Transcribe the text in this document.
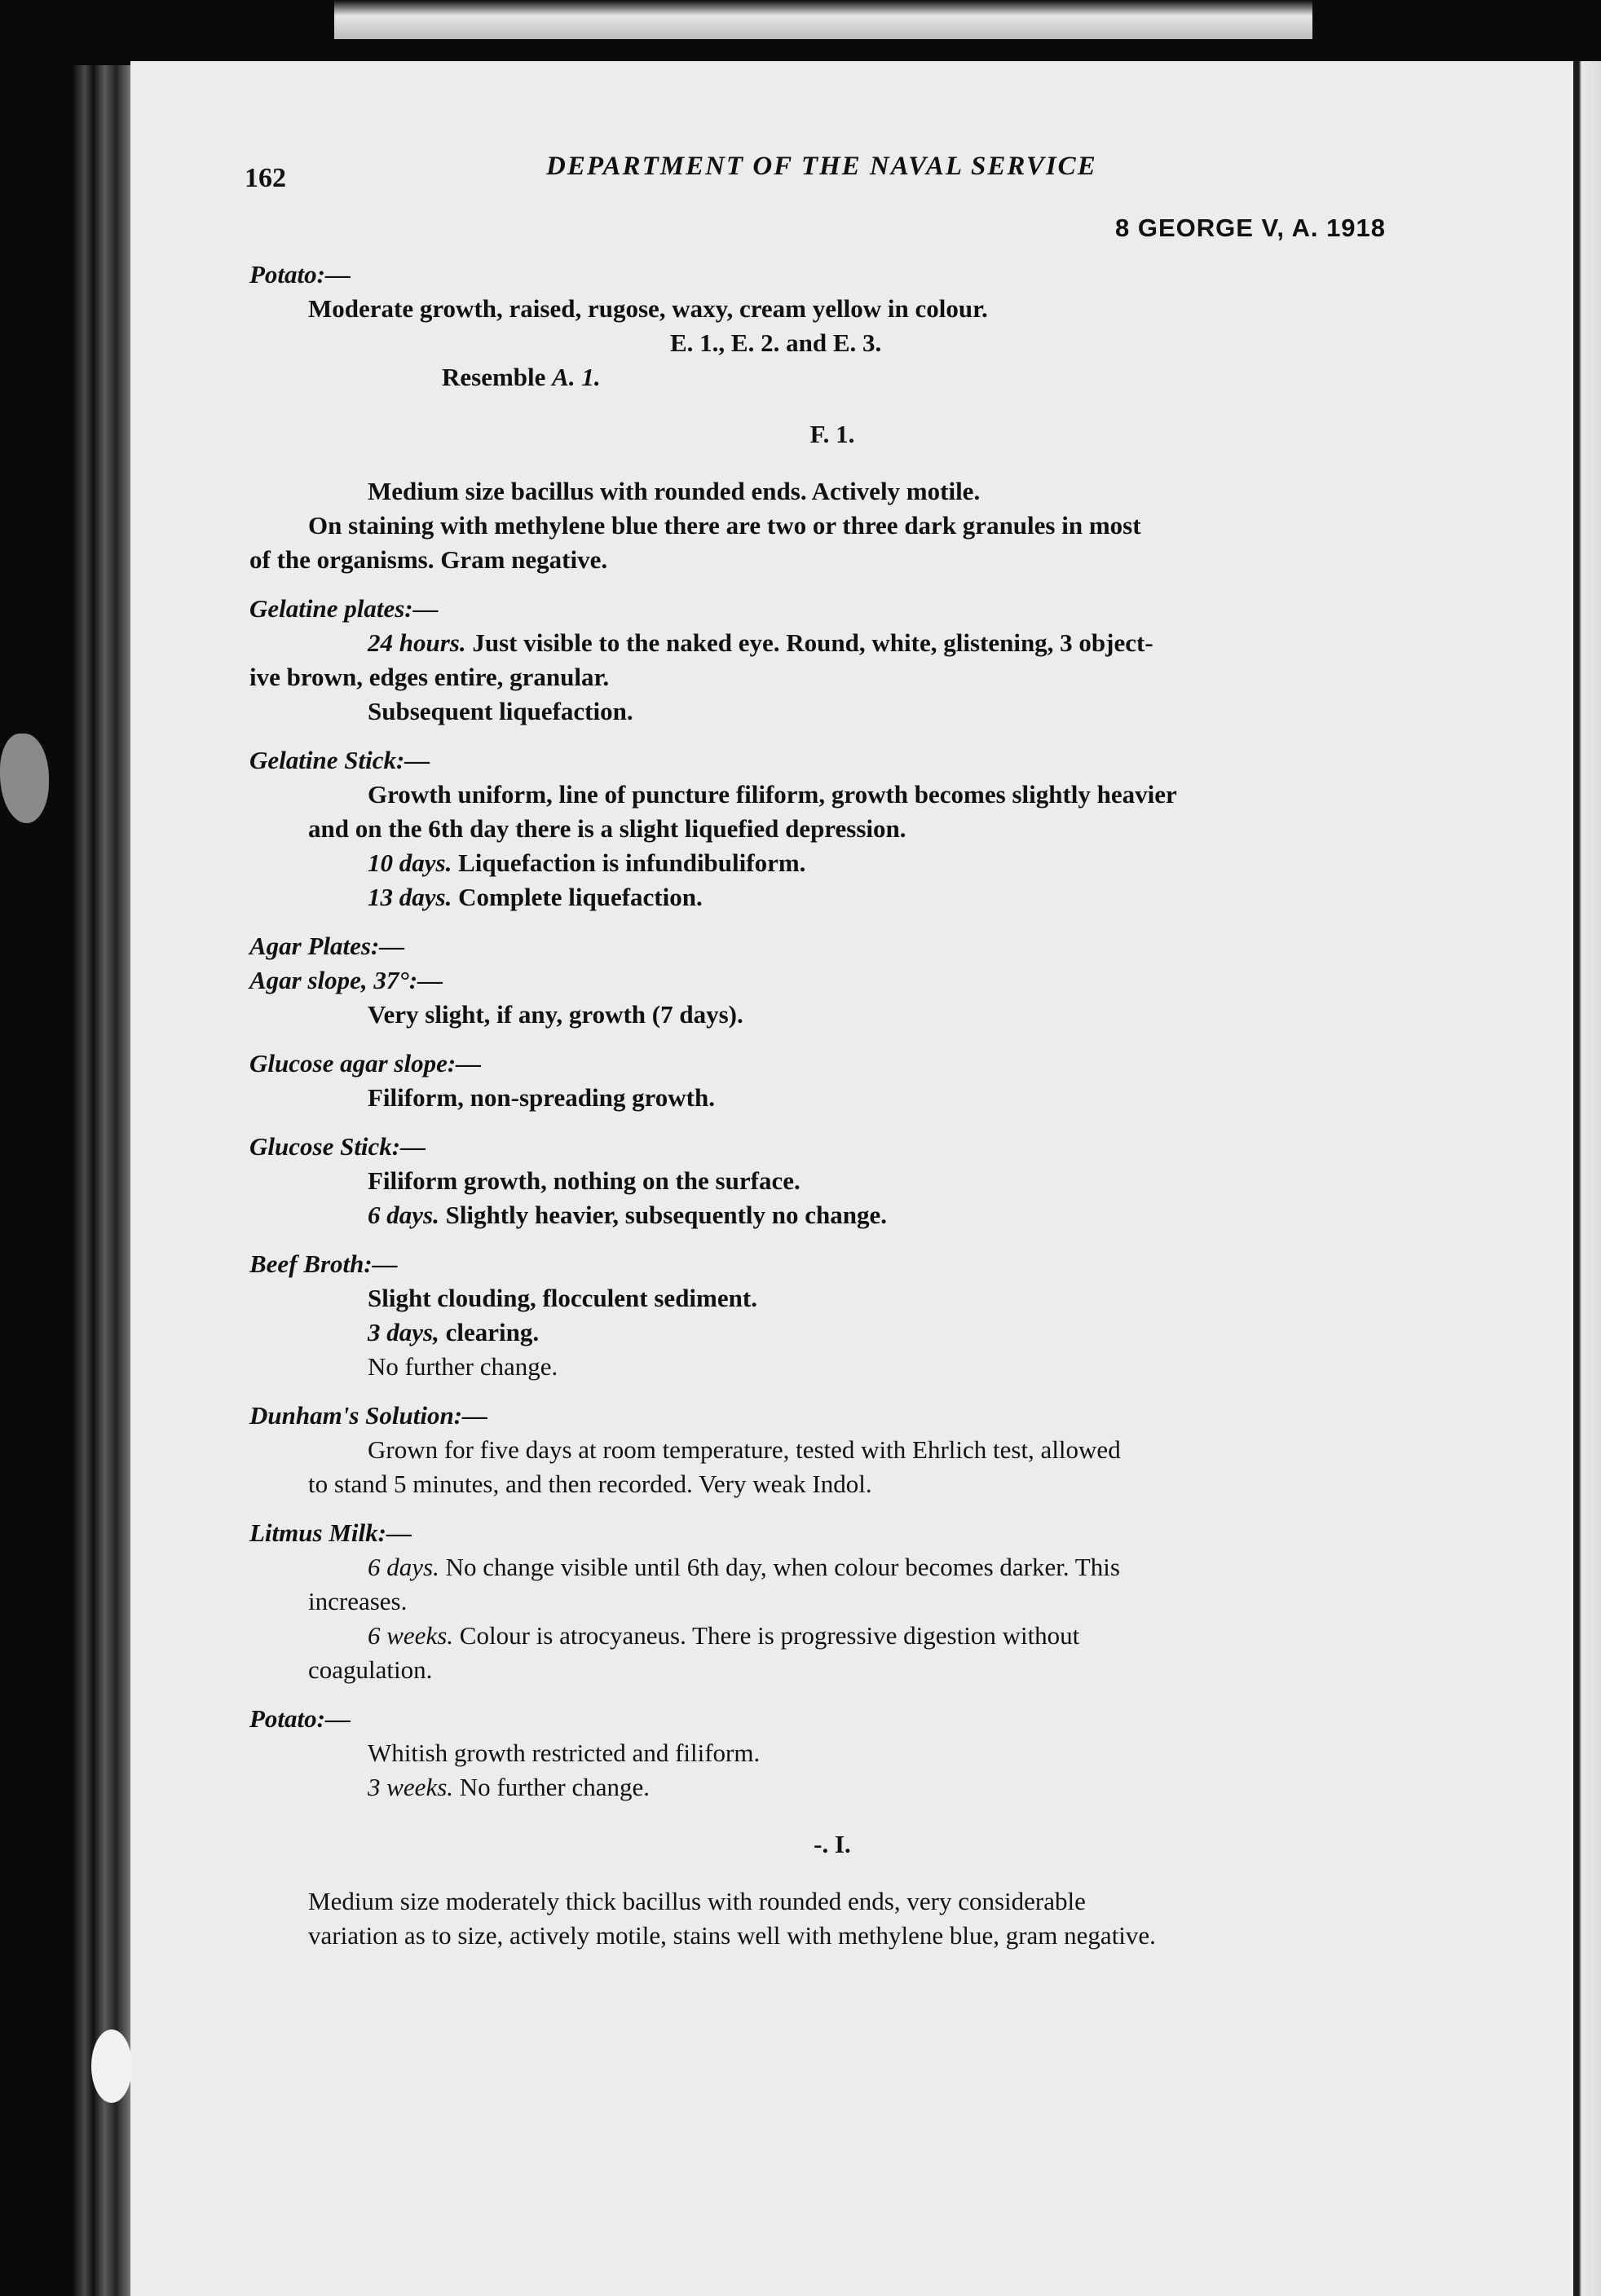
162	DEPARTMENT OF THE NAVAL SERVICE
8 GEORGE V, A. 1918

Potato:—

Moderate growth, raised, rugose, waxy, cream yellow in colour.

E. 1., E. 2. and E. 3.

Resemble A. 1.

F. 1.

Medium size bacillus with rounded ends. Actively motile.

On staining with methylene blue there are two or three dark granules in most

of the organisms. Gram negative.

Gelatine plates:—

24 hours. Just visible to the naked eye. Round, white, glistening, 3 object-

ive brown, edges entire, granular.

Subsequent liquefaction.

Gelatine Stick:—

Growth uniform, line of puncture filiform, growth becomes slightly heavier

and on the 6th day there is a slight liquefied depression.

10 days. Liquefaction is infundibuliform.

13 days. Complete liquefaction.

Agar Plates:—

Agar slope, 37°:—

Very slight, if any, growth (7 days).

Glucose agar slope:—

Filiform, non-spreading growth.

Glucose Stick:—

Filiform growth, nothing on the surface.

6 days. Slightly heavier, subsequently no change.

Beef Broth:—

Slight clouding, flocculent sediment.

3 days, clearing.

No further change.

Dunham's Solution:—

Grown for five days at room temperature, tested with Ehrlich test, allowed

to stand 5 minutes, and then recorded. Very weak Indol.

Litmus Milk:—

6 days. No change visible until 6th day, when colour becomes darker. This

increases.

6 weeks. Colour is atrocyaneus. There is progressive digestion without

coagulation.

Potato:—

Whitish growth restricted and filiform.

3 weeks. No further change.

-. I.

Medium size moderately thick bacillus with rounded ends, very considerable

variation as to size, actively motile, stains well with methylene blue, gram negative.
